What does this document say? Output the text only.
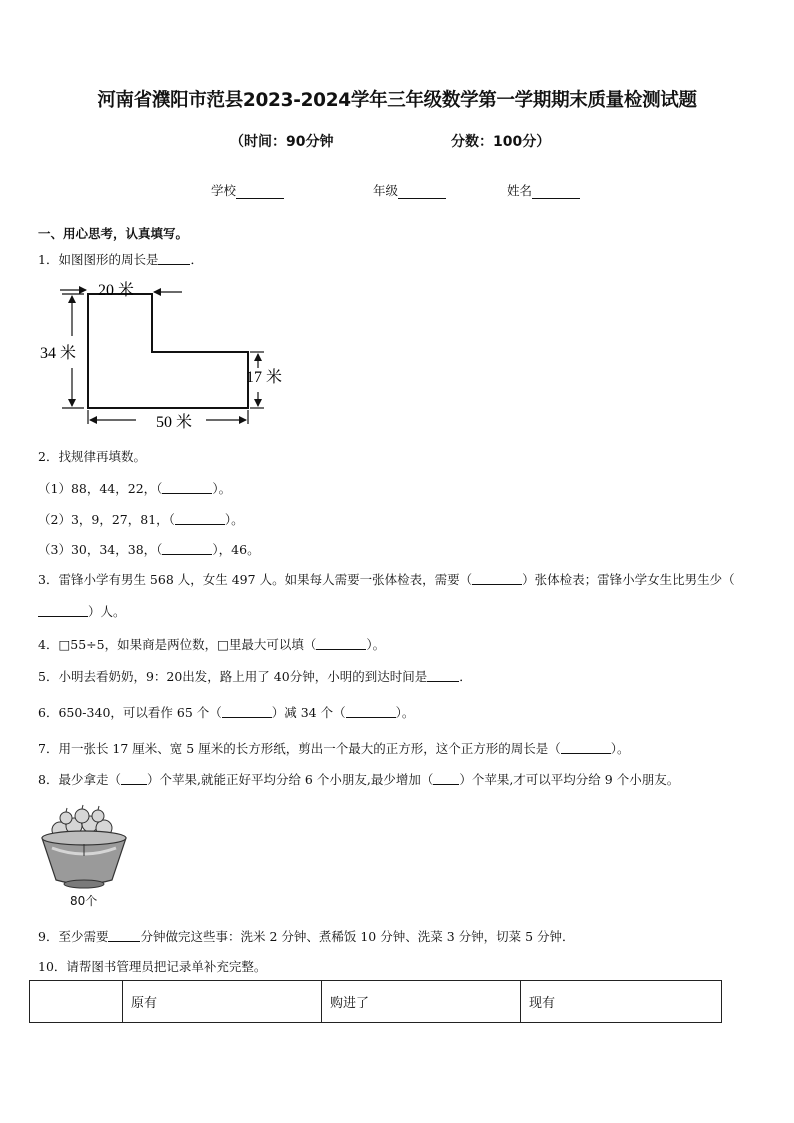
河南省濮阳市范县2023-2024学年三年级数学第一学期期末质量检测试题
（时间：90分钟	分数：100分）
学校	年级	姓名
一、用心思考，认真填写。
1．如图图形的周长是	．
20 米
34 米
17 米
50 米
2．找规律再填数。
（1）88，44，22，（	）。
（2）3，9，27，81，（	）。
（3）30，34，38，（	），46。
3．雷锋小学有男生 568 人，女生 497 人。如果每人需要一张体检表，需要（	）张体检表；雷锋小学女生比男生少（）人。
4．□55÷5，如果商是两位数，□里最大可以填（	）。
5．小明去看奶奶，9：20出发，路上用了 40分钟，小明的到达时间是	．
6．650-340，可以看作 65 个（	）减 34 个（	）。
7．用一张长 17 厘米、宽 5 厘米的长方形纸，剪出一个最大的正方形，这个正方形的周长是（	）。
8．最少拿走（ ）个苹果,就能正好平均分给 6 个小朋友,最少增加（ ）个苹果,才可以平均分给 9 个小朋友。
80个
9．至少需要	分钟做完这些事：洗米 2 分钟、煮稀饭 10 分钟、洗菜 3 分钟，切菜 5 分钟．
10．请帮图书管理员把记录单补充完整。
	原有	购进了	现有
